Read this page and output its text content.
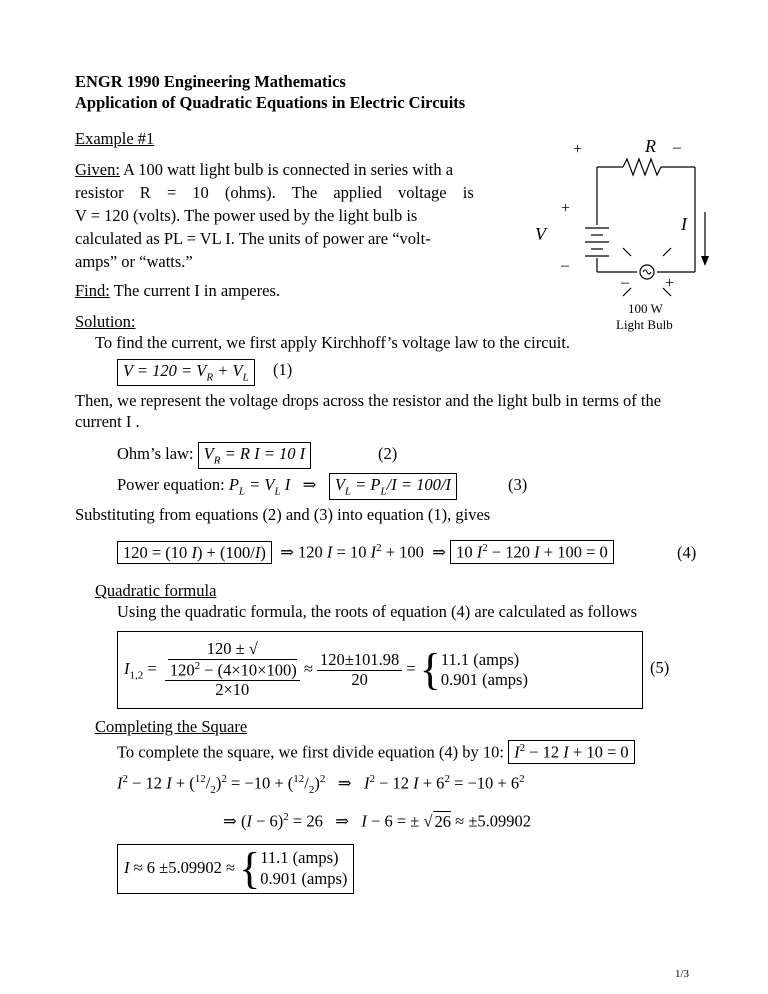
ENGR 1990 Engineering Mathematics
Application of Quadratic Equations in Electric Circuits
Example #1
Given: A 100 watt light bulb is connected in series with a
resistor R = 10 (ohms). The applied voltage is
V = 120 (volts). The power used by the light bulb is
calculated as PL = VL I. The units of power are “volt-
amps” or “watts.”
Find: The current I in amperes.
+	R –
+
V
–
I
– +
100 W
Light Bulb
Solution:
To find the current, we first apply Kirchhoff’s voltage law to the circuit.
$V = 120 = V_R + V_L$	(1)
Then, we represent the voltage drops across the resistor and the light bulb in terms of the
current I .
Ohm’s law: $V_R = R$ I = 10 I	(2)
Power equation: $P_L = V_L$ I   ⇒   $V_L = P_L/I = 100/I$	(3)
Substituting from equations (2) and (3) into equation (1), gives
120 = (10 I) + (100/I)  ⇒ 120 I = 10 $I^2 + 100$  ⇒ 10 $I^2 - 120$ I + 100 = 0	(4)
Quadratic formula
Using the quadratic formula, the roots of equation (4) are calculated as follows
$I_{1,2} = 120$ ± √
$120^2 - (4\times 10\times 100)$
$2\times 10 \approx \frac{120\pm 101.98}{20}$ = { 11.1 (amps)
0.901 (amps)
(5)
Completing the Square
To complete the square, we first divide equation (4) by 10: $I^2 - 12$ I + 10 = 0
$I^2 - 12$ $I + (^{12}/_2)^2 = -10 + (^{12}/_2)^2$   ⇒   $I^2 - 12$ $I + 6^2 = -10 + 6^2$
⇒ $(I - 6)^2 = 26$   ⇒   I − 6 = ± √ 26 ≈ ±5.09902
I ≈ 6 ±5.09902 ≈ { 11.1 (amps)
0.901 (amps)
1/3
